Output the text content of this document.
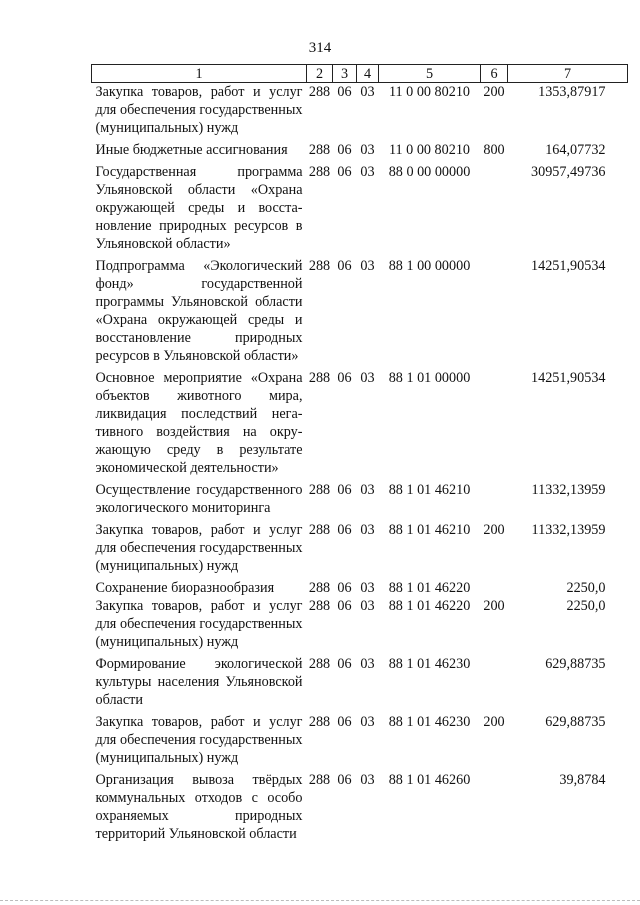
314
1	2	3	4	5	6	7
Закупка товаров, работ и услуг для обеспечения государственных (муниципальных) нужд	288	06	03	11 0 00 80210	200	1353,87917
Иные бюджетные ассигнования	288	06	03	11 0 00 80210	800	164,07732
Государственная программа Ульяновской области «Охрана окружающей среды и восстановление природных ресурсов в Ульяновской области»	288	06	03	88 0 00 00000		30957,49736
Подпрограмма «Экологический фонд» государственной программы Ульяновской области «Охрана окружающей среды и восстановление природных ресурсов в Ульяновской области»	288	06	03	88 1 00 00000		14251,90534
Основное мероприятие «Охрана объектов животного мира, ликвидация последствий негативного воздействия на окружающую среду в результате экономической деятельности»	288	06	03	88 1 01 00000		14251,90534
Осуществление государственного экологического мониторинга	288	06	03	88 1 01 46210		11332,13959
Закупка товаров, работ и услуг для обеспечения государственных (муниципальных) нужд	288	06	03	88 1 01 46210	200	11332,13959
Сохранение биоразнообразия	288	06	03	88 1 01 46220		2250,0
Закупка товаров, работ и услуг для обеспечения государственных (муниципальных) нужд	288	06	03	88 1 01 46220	200	2250,0
Формирование экологической культуры населения Ульяновской области	288	06	03	88 1 01 46230		629,88735
Закупка товаров, работ и услуг для обеспечения государственных (муниципальных) нужд	288	06	03	88 1 01 46230	200	629,88735
Организация вывоза твёрдых коммунальных отходов с особо охраняемых природных территорий Ульяновской области	288	06	03	88 1 01 46260		39,8784
